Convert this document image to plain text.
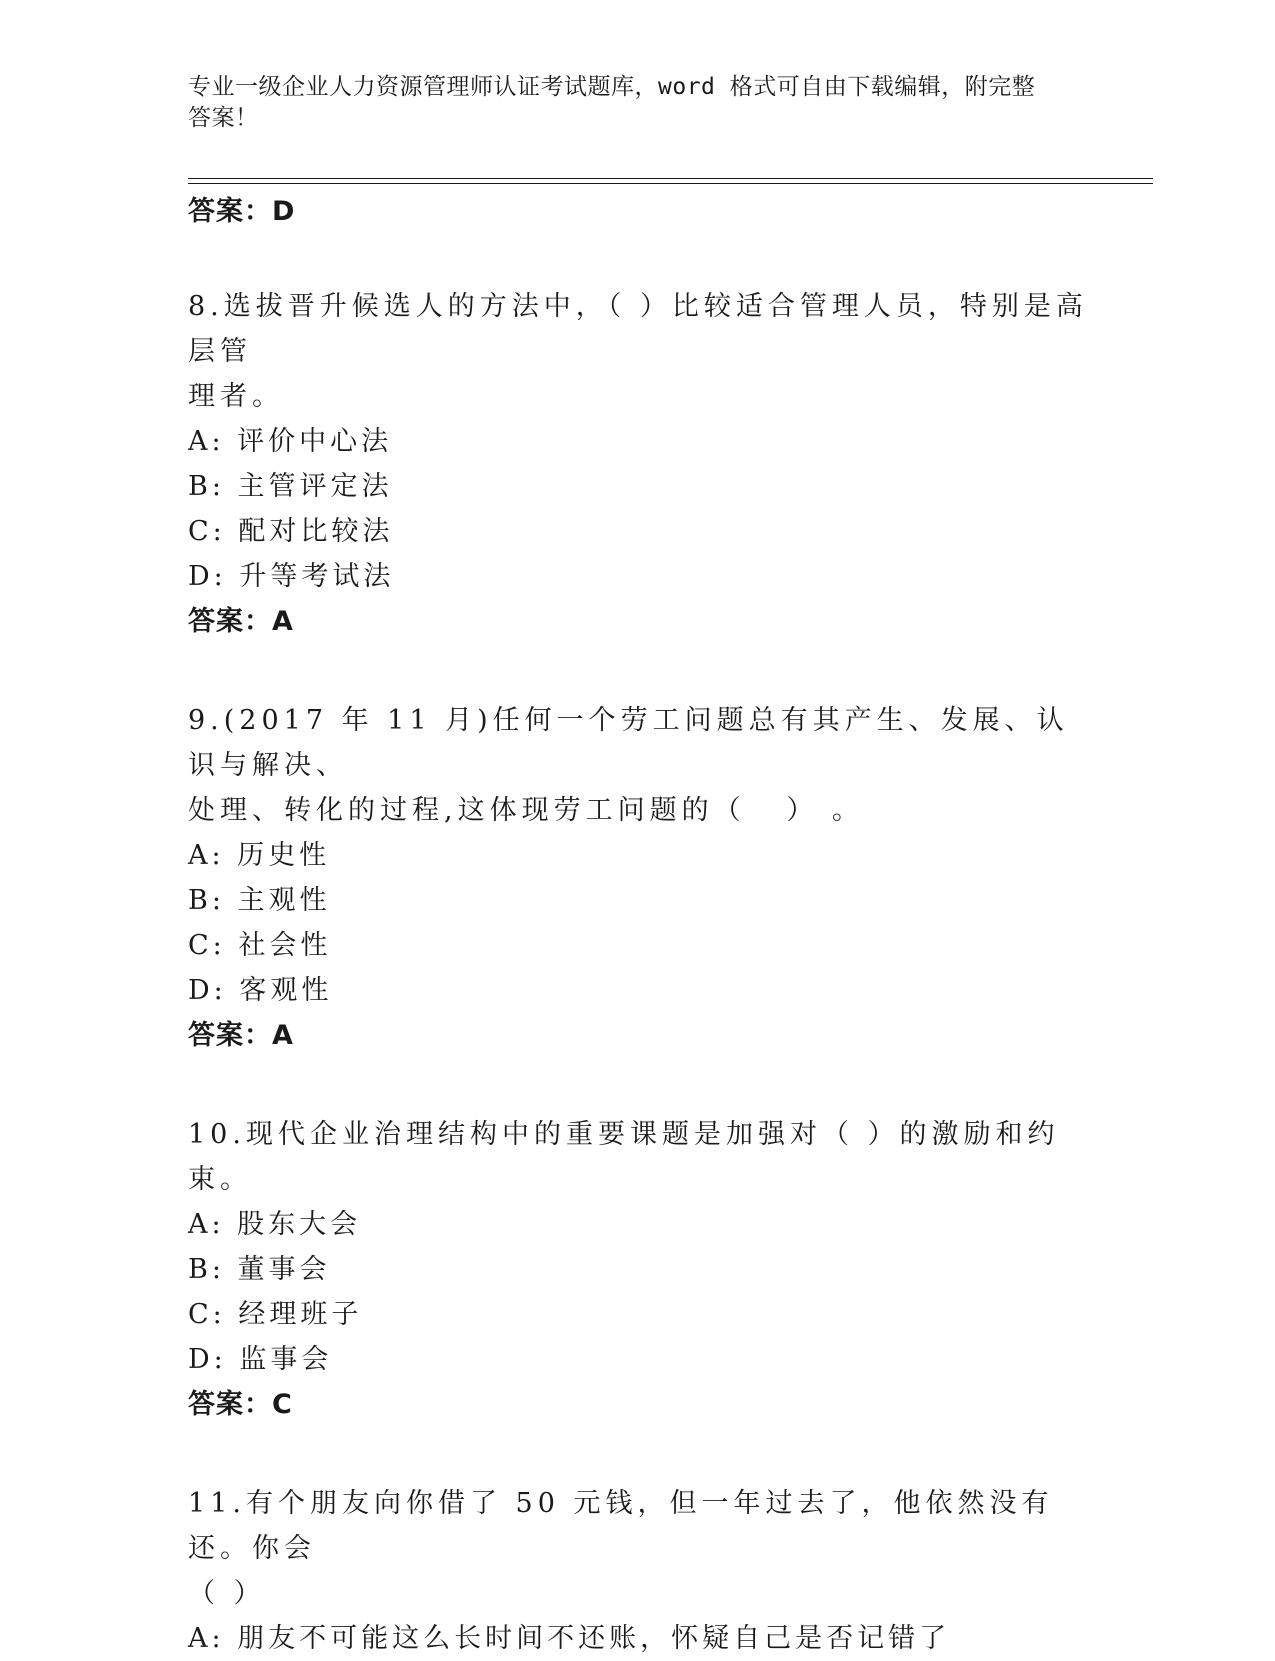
专业一级企业人力资源管理师认证考试题库，word 格式可自由下载编辑，附完整
答案！
答案：D
8.选拔晋升候选人的方法中，（ ）比较适合管理人员，特别是高层管
理者。
A: 评价中心法
B: 主管评定法
C: 配对比较法
D: 升等考试法
答案：A
9.(2017 年 11 月)任何一个劳工问题总有其产生、发展、认识与解决、
处理、转化的过程,这体现劳工问题的（   ） 。
A: 历史性
B: 主观性
C: 社会性
D: 客观性
答案：A
10.现代企业治理结构中的重要课题是加强对（ ）的激励和约束。
A: 股东大会
B: 董事会
C: 经理班子
D: 监事会
答案：C
11.有个朋友向你借了 50 元钱，但一年过去了，他依然没有还。你会
（ ）
A: 朋友不可能这么长时间不还账，怀疑自己是否记错了
